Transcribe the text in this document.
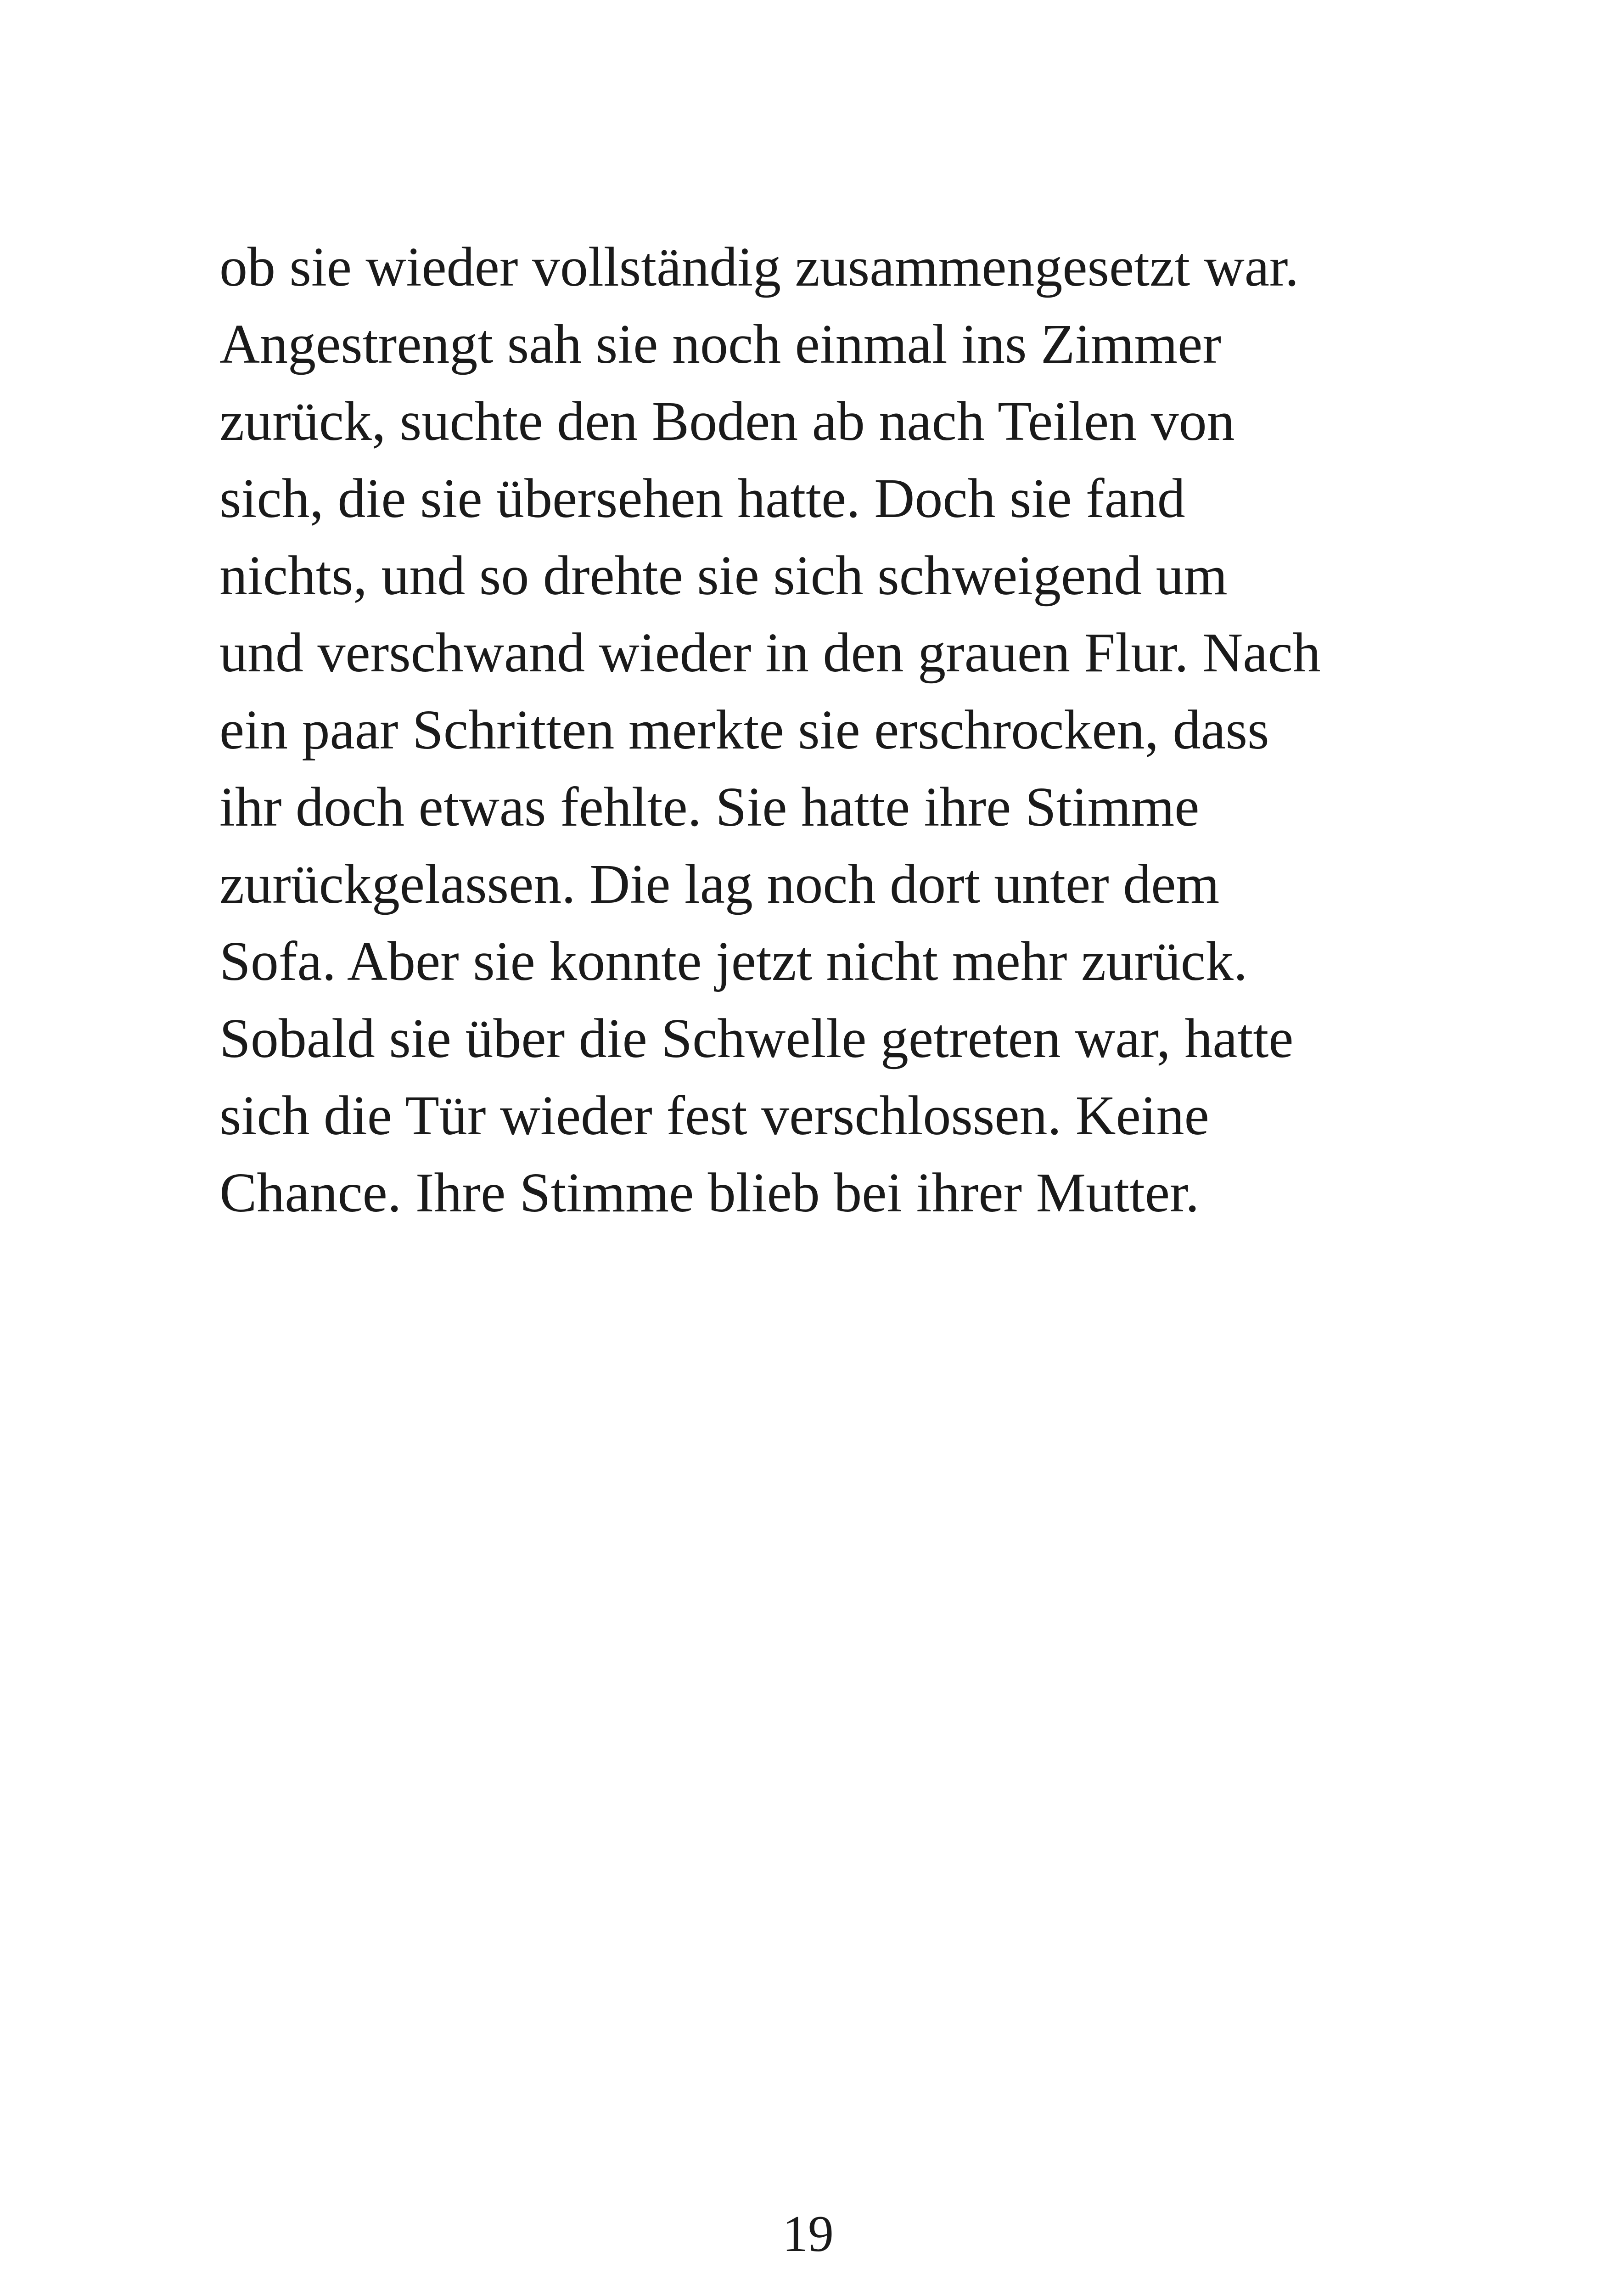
ob sie wieder vollständig zusammengesetzt war.
Angestrengt sah sie noch einmal ins Zimmer
zurück, suchte den Boden ab nach Teilen von
sich, die sie übersehen hatte. Doch sie fand
nichts, und so drehte sie sich schweigend um
und verschwand wieder in den grauen Flur. Nach
ein paar Schritten merkte sie erschrocken, dass
ihr doch etwas fehlte. Sie hatte ihre Stimme
zurückgelassen. Die lag noch dort unter dem
Sofa. Aber sie konnte jetzt nicht mehr zurück.
Sobald sie über die Schwelle getreten war, hatte
sich die Tür wieder fest verschlossen. Keine
Chance. Ihre Stimme blieb bei ihrer Mutter.
19
